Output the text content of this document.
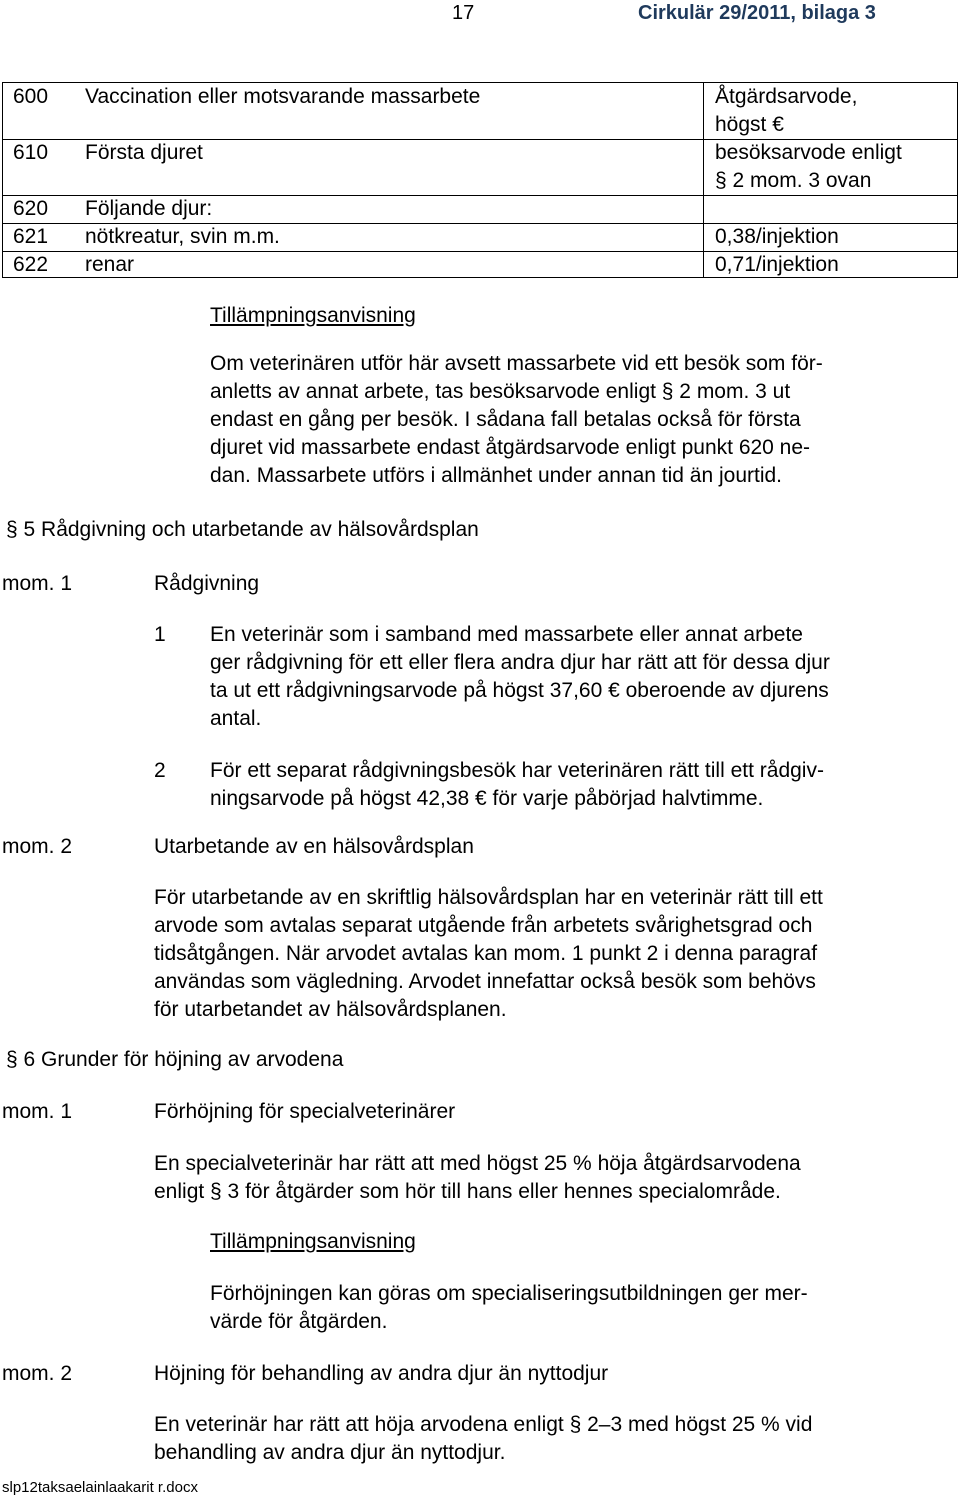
17	Cirkulär 29/2011, bilaga 3
600 Vaccination eller motsvarande massarbete	Åtgärdsarvode,
högst €
610 Första djuret	besöksarvode enligt
§ 2 mom. 3 ovan
620 Följande djur:
621 nötkreatur, svin m.m.	0,38/injektion
622 renar	0,71/injektion
Tillämpningsanvisning
Om veterinären utför här avsett massarbete vid ett besök som för-
anletts av annat arbete, tas besöksarvode enligt § 2 mom. 3 ut
endast en gång per besök. I sådana fall betalas också för första
djuret vid massarbete endast åtgärdsarvode enligt punkt 620 ne-
dan. Massarbete utförs i allmänhet under annan tid än jourtid.
§ 5 Rådgivning och utarbetande av hälsovårdsplan
mom. 1	Rådgivning
1 En veterinär som i samband med massarbete eller annat arbete
ger rådgivning för ett eller flera andra djur har rätt att för dessa djur
ta ut ett rådgivningsarvode på högst 37,60 € oberoende av djurens
antal.
2 För ett separat rådgivningsbesök har veterinären rätt till ett rådgiv-
ningsarvode på högst 42,38 € för varje påbörjad halvtimme.
mom. 2	Utarbetande av en hälsovårdsplan
För utarbetande av en skriftlig hälsovårdsplan har en veterinär rätt till ett
arvode som avtalas separat utgående från arbetets svårighetsgrad och
tidsåtgången. När arvodet avtalas kan mom. 1 punkt 2 i denna paragraf
användas som vägledning. Arvodet innefattar också besök som behövs
för utarbetandet av hälsovårdsplanen.
§ 6 Grunder för höjning av arvodena
mom. 1	Förhöjning för specialveterinärer
En specialveterinär har rätt att med högst 25 % höja åtgärdsarvodena
enligt § 3 för åtgärder som hör till hans eller hennes specialområde.
Tillämpningsanvisning
Förhöjningen kan göras om specialiseringsutbildningen ger mer-
värde för åtgärden.
mom. 2	Höjning för behandling av andra djur än nyttodjur
En veterinär har rätt att höja arvodena enligt § 2–3 med högst 25 % vid
behandling av andra djur än nyttodjur.
slp12taksaelainlaakarit r.docx
